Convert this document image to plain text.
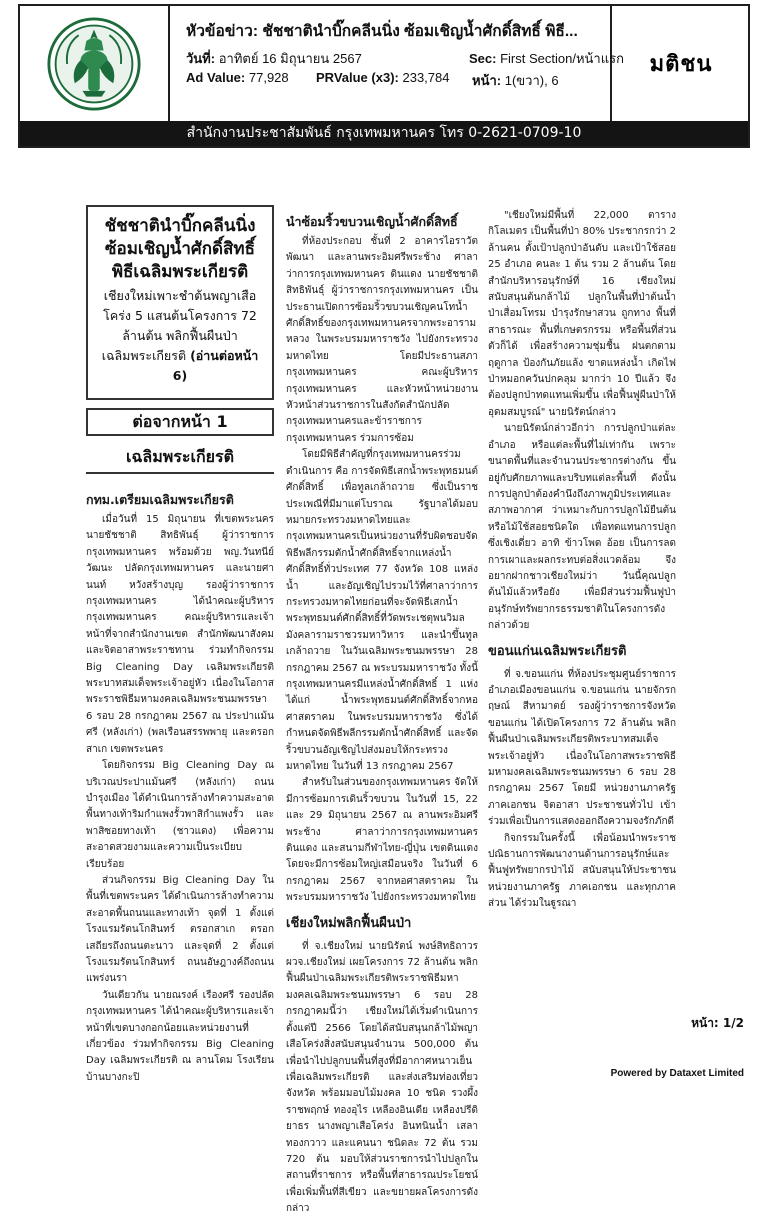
หัวข้อข่าว: ชัชชาตินำบิ๊กคลีนนิ่ง ซ้อมเชิญน้ำศักดิ์สิทธิ์ พิธี...
วันที่: อาทิตย์ 16 มิถุนายน 2567	Sec: First Section/หน้าแรก
Ad Value: 77,928 PRValue (x3): 233,784 หน้า: 1(ขวา), 6
มติชน
สำนักงานประชาสัมพันธ์ กรุงเทพมหานคร โทร 0-2621-0709-10
ชัชชาตินำบิ๊กคลีนนิ่ง ซ้อมเชิญน้ำศักดิ์สิทธิ์ พิธีเฉลิมพระเกียรติ
เชียงใหม่เพาะชำต้นพญาเสือโคร่ง 5 แสนต้นโครงการ 72 ล้านต้น พลิกฟื้นผืนป่าเฉลิมพระเกียรติ (อ่านต่อหน้า 6)
ต่อจากหน้า 1
เฉลิมพระเกียรติ
กทม.เตรียมเฉลิมพระเกียรติ

เมื่อวันที่ 15 มิถุนายน ที่เขตพระนคร นายชัชชาติ สิทธิพันธุ์ ผู้ว่าราชการกรุงเทพมหานคร พร้อมด้วย พญ.วันทนีย์ วัฒนะ ปลัดกรุงเทพมหานคร และนายศานนท์ หวังสร้างบุญ รองผู้ว่าราชการกรุงเทพมหานคร ได้นำคณะผู้บริหารกรุงเทพมหานคร คณะผู้บริหารและเจ้าหน้าที่จากสำนักงานเขต สำนักพัฒนาสังคม และจิตอาสาพระราชทาน ร่วมทำกิจกรรม Big Cleaning Day เฉลิมพระเกียรติพระบาทสมเด็จพระเจ้าอยู่หัว เนื่องในโอกาสพระราชพิธีมหามงคลเฉลิมพระชนมพรรษา 6 รอบ 28 กรกฎาคม 2567 ณ ประปาแม้นศรี (หลังเก่า) (พลเรือนสรรพพายุ และตรอกสาเก เขตพระนคร

โดยกิจกรรม Big Cleaning Day ณ บริเวณประปาแม้นศรี (หลังเก่า) ถนนบำรุงเมือง ได้ดำเนินการล้างทำความสะอาดพื้นทางเท้าริมกำแพงรั้วพาสิกำแพงรั้ว และพาสิซอยทางเท้า (ชาวแดง) เพื่อความสะอาดสวยงามและความเป็นระเบียบเรียบร้อย

ส่วนกิจกรรม Big Cleaning Day ในพื้นที่เขตพระนคร ได้ดำเนินการล้างทำความสะอาดพื้นถนนและทางเท้า จุดที่ 1 ตั้งแต่โรงแรมรัตนโกสินทร์ ตรอกสาเก ตรอกเสถียรถึงถนนตะนาว และจุดที่ 2 ตั้งแต่โรงแรมรัตนโกสินทร์ ถนนอัษฎางค์ถึงถนนแพร่งนรา

วันเดียวกัน นายณรงค์ เรืองศรี รองปลัดกรุงเทพมหานคร ได้นำคณะผู้บริหารและเจ้าหน้าที่เขตบางกอกน้อยและหน่วยงานที่เกี่ยวข้อง ร่วมทำกิจกรรม Big Cleaning Day เฉลิมพระเกียรติ ณ ลานโดม โรงเรียนบ้านบางกะปิ

นำซ้อมริ้วขบวนเชิญน้ำศักดิ์สิทธิ์

ที่ห้องประกอบ ชั้นที่ 2 อาคารไอราวัตพัฒนา และลานพระอิมศรีพระช้าง ศาลาว่าการกรุงเทพมหานคร ดินแดง นายชัชชาติ สิทธิพันธุ์ ผู้ว่าราชการกรุงเทพมหานคร เป็นประธานเปิดการซ้อมริ้วขบวนเชิญคนโทน้ำศักดิ์สิทธิ์ของกรุงเทพมหานครจากพระอารามหลวง ในพระบรมมหาราชวัง ไปยังกระทรวงมหาดไทย โดยมีประธานสภากรุงเทพมหานคร คณะผู้บริหารกรุงเทพมหานคร และหัวหน้าหน่วยงาน หัวหน้าส่วนราชการในสังกัดสำนักปลัดกรุงเทพมหานครและข้าราชการกรุงเทพมหานคร ร่วมการซ้อม

โดยมีพิธีสำคัญที่กรุงเทพมหานครร่วมดำเนินการ คือ การจัดพิธีเสกน้ำพระพุทธมนต์ศักดิ์สิทธิ์ เพื่อทูลเกล้าถวาย ซึ่งเป็นราชประเพณีที่มีมาแต่โบราณ รัฐบาลได้มอบหมายกระทรวงมหาดไทยและกรุงเทพมหานครเป็นหน่วยงานที่รับผิดชอบจัดพิธีพลีกรรมตักน้ำศักดิ์สิทธิ์จากแหล่งน้ำศักดิ์สิทธิ์ทั่วประเทศ 77 จังหวัด 108 แหล่งน้ำ และอัญเชิญไปรวมไว้ที่ศาลาว่าการกระทรวงมหาดไทยก่อนที่จะจัดพิธีเสกน้ำพระพุทธมนต์ศักดิ์สิทธิ์ที่วัดพระเชตุพนวิมลมังคลารามราชวรมหาวิหาร และนำขึ้นทูลเกล้าถวาย ในวันเฉลิมพระชนมพรรษา 28 กรกฎาคม 2567 ณ พระบรมมหาราชวัง ทั้งนี้ กรุงเทพมหานครมีแหล่งน้ำศักดิ์สิทธิ์ 1 แห่ง ได้แก่ น้ำพระพุทธมนต์ศักดิ์สิทธิ์จากหอศาสตราคม ในพระบรมมหาราชวัง ซึ่งได้กำหนดจัดพิธีพลีกรรมตักน้ำศักดิ์สิทธิ์ และจัดริ้วขบวนอัญเชิญไปส่งมอบให้กระทรวงมหาดไทย ในวันที่ 13 กรกฎาคม 2567

สำหรับในส่วนของกรุงเทพมหานคร จัดให้มีการซ้อมการเดินริ้วขบวน ในวันที่ 15, 22 และ 29 มิถุนายน 2567 ณ ลานพระอิมศรีพระช้าง ศาลาว่าการกรุงเทพมหานคร ดินแดง และสนามกีฬาไทย-ญี่ปุ่น เขตดินแดง โดยจะมีการซ้อมใหญ่เสมือนจริง ในวันที่ 6 กรกฎาคม 2567 จากหอศาสตราคม ในพระบรมมหาราชวัง ไปยังกระทรวงมหาดไทย

เชียงใหม่พลิกฟื้นผืนป่า

ที่ จ.เชียงใหม่ นายนิรัตน์ พงษ์สิทธิถาวร ผวจ.เชียงใหม่ เผยโครงการ 72 ล้านต้น พลิกฟื้นผืนป่าเฉลิมพระเกียรติพระราชพิธีมหามงคลเฉลิมพระชนมพรรษา 6 รอบ 28 กรกฎาคมนี้ว่า เชียงใหม่ได้เริ่มดำเนินการตั้งแต่ปี 2566 โดยได้สนับสนุนกล้าไม้พญาเสือโคร่งสิ่งสนับสนุนจำนวน 500,000 ต้น เพื่อนำไปปลูกบนพื้นที่สูงที่มีอากาศหนาวเย็นเพื่อเฉลิมพระเกียรติ และส่งเสริมท่องเที่ยวจังหวัด พร้อมมอบไม้มงคล 10 ชนิด รวงผึ้ง ราชพฤกษ์ ทองอุไร เหลืองอินเดีย เหลืองปรีดิยาธร นางพญาเสือโคร่ง อินทนินน้ำ เสลา ทองกวาว และแคนนา ชนิดละ 72 ต้น รวม 720 ต้น มอบให้ส่วนราชการนำไปปลูกในสถานที่ราชการ หรือพื้นที่สาธารณประโยชน์เพื่อเพิ่มพื้นที่สีเขียว และขยายผลโครงการดังกล่าว

"เชียงใหม่มีพื้นที่ 22,000 ตารางกิโลเมตร เป็นพื้นที่ป่า 80% ประชากรกว่า 2 ล้านคน ตั้งเป้าปลูกป่าอันดับ และเป้าใช้สอย 25 อำเภอ คนละ 1 ต้น รวม 2 ล้านต้น โดยสำนักบริหารอนุรักษ์ที่ 16 เชียงใหม่ สนับสนุนต้นกล้าไม้ ปลูกในพื้นที่ป่าต้นน้ำ ป่าเสื่อมโทรม บำรุงรักษาสวน ถูกทาง พื้นที่สาธารณะ พื้นที่เกษตรกรรม หรือพื้นที่ส่วนตัวก็ได้ เพื่อสร้างความชุ่มชื้น ฝนตกตามฤดูกาล ป้องกันภัยแล้ง ขาดแหล่งน้ำ เกิดไฟป่าหมอกควันปกคลุม มากว่า 10 ปีแล้ว จึงต้องปลูกป่าทดแทนเพิ่มขึ้น เพื่อฟื้นฟูผืนป่าให้อุดมสมบูรณ์" นายนิรัตน์กล่าว

นายนิรัตน์กล่าวอีกว่า การปลูกป่าแต่ละอำเภอ หรือแต่ละพื้นที่ไม่เท่ากัน เพราะขนาดพื้นที่และจำนวนประชากรต่างกัน ขึ้นอยู่กับศักยภาพและบริบทแต่ละพื้นที่ ดังนั้น การปลูกป่าต้องคำนึงถึงภาพภูมิประเทศและสภาพอากาศ ว่าเหมาะกับการปลูกไม้ยืนต้นหรือไม้ใช้สอยชนิดใด เพื่อทดแทนการปลูกซึ่งเชิงเดี่ยว อาทิ ข้าวโพด อ้อย เป็นการลดการเผาและผลกระทบต่อสิ่งแวดล้อม จึงอยากฝากชาวเชียงใหม่ว่า วันนี้คุณปลูกต้นไม้แล้วหรือยัง เพื่อมีส่วนร่วมฟื้นฟูป่า อนุรักษ์ทรัพยากรธรรมชาติในโครงการดังกล่าวด้วย

ขอนแก่นเฉลิมพระเกียรติ

ที่ จ.ขอนแก่น ที่ห้องประชุมศูนย์ราชการอำเภอเมืองขอนแก่น จ.ขอนแก่น นายจักรกฤษณ์ สีหามาตย์ รองผู้ว่าราชการจังหวัดขอนแก่น ได้เปิดโครงการ 72 ล้านต้น พลิกฟื้นผืนป่าเฉลิมพระเกียรติพระบาทสมเด็จพระเจ้าอยู่หัว เนื่องในโอกาสพระราชพิธีมหามงคลเฉลิมพระชนมพรรษา 6 รอบ 28 กรกฎาคม 2567 โดยมี หน่วยงานภาครัฐ ภาคเอกชน จิตอาสา ประชาชนทั่วไป เข้าร่วมเพื่อเป็นการแสดงออกถึงความจงรักภักดี

กิจกรรมในครั้งนี้ เพื่อน้อมนำพระราชปณิธานการพัฒนางานด้านการอนุรักษ์และฟื้นฟูทรัพยากรป่าไม้ สนับสนุนให้ประชาชน หน่วยงานภาครัฐ ภาคเอกชน และทุกภาคส่วน ได้ร่วมในฐูรณา

หน้า: 1/2
Powered by Dataxet Limited
